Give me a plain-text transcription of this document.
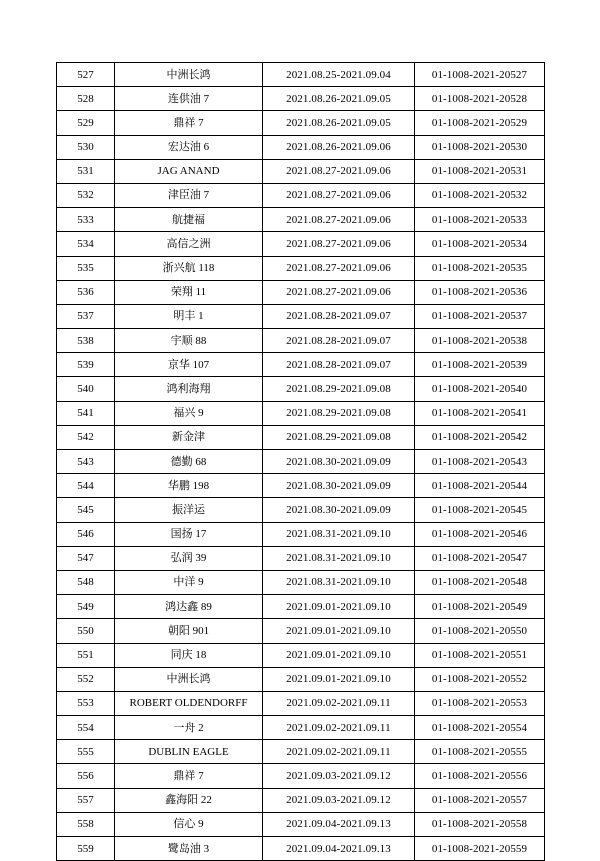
527	中洲长鸿	2021.08.25-2021.09.04	01-1008-2021-20527
528	连供油 7	2021.08.26-2021.09.05	01-1008-2021-20528
529	鼎祥 7	2021.08.26-2021.09.05	01-1008-2021-20529
530	宏达油 6	2021.08.26-2021.09.06	01-1008-2021-20530
531	JAG ANAND	2021.08.27-2021.09.06	01-1008-2021-20531
532	津臣油 7	2021.08.27-2021.09.06	01-1008-2021-20532
533	航捷福	2021.08.27-2021.09.06	01-1008-2021-20533
534	高信之洲	2021.08.27-2021.09.06	01-1008-2021-20534
535	浙兴航 118	2021.08.27-2021.09.06	01-1008-2021-20535
536	荣翔 11	2021.08.27-2021.09.06	01-1008-2021-20536
537	明丰 1	2021.08.28-2021.09.07	01-1008-2021-20537
538	宇顺 88	2021.08.28-2021.09.07	01-1008-2021-20538
539	京华 107	2021.08.28-2021.09.07	01-1008-2021-20539
540	鸿利海翔	2021.08.29-2021.09.08	01-1008-2021-20540
541	福兴 9	2021.08.29-2021.09.08	01-1008-2021-20541
542	新金津	2021.08.29-2021.09.08	01-1008-2021-20542
543	德勤 68	2021.08.30-2021.09.09	01-1008-2021-20543
544	华鹏 198	2021.08.30-2021.09.09	01-1008-2021-20544
545	振洋运	2021.08.30-2021.09.09	01-1008-2021-20545
546	国扬 17	2021.08.31-2021.09.10	01-1008-2021-20546
547	弘润 39	2021.08.31-2021.09.10	01-1008-2021-20547
548	中洋 9	2021.08.31-2021.09.10	01-1008-2021-20548
549	鸿达鑫 89	2021.09.01-2021.09.10	01-1008-2021-20549
550	朝阳 901	2021.09.01-2021.09.10	01-1008-2021-20550
551	同庆 18	2021.09.01-2021.09.10	01-1008-2021-20551
552	中洲长鸿	2021.09.01-2021.09.10	01-1008-2021-20552
553	ROBERT OLDENDORFF	2021.09.02-2021.09.11	01-1008-2021-20553
554	一舟 2	2021.09.02-2021.09.11	01-1008-2021-20554
555	DUBLIN EAGLE	2021.09.02-2021.09.11	01-1008-2021-20555
556	鼎祥 7	2021.09.03-2021.09.12	01-1008-2021-20556
557	鑫海阳 22	2021.09.03-2021.09.12	01-1008-2021-20557
558	信心 9	2021.09.04-2021.09.13	01-1008-2021-20558
559	鹭岛油 3	2021.09.04-2021.09.13	01-1008-2021-20559
